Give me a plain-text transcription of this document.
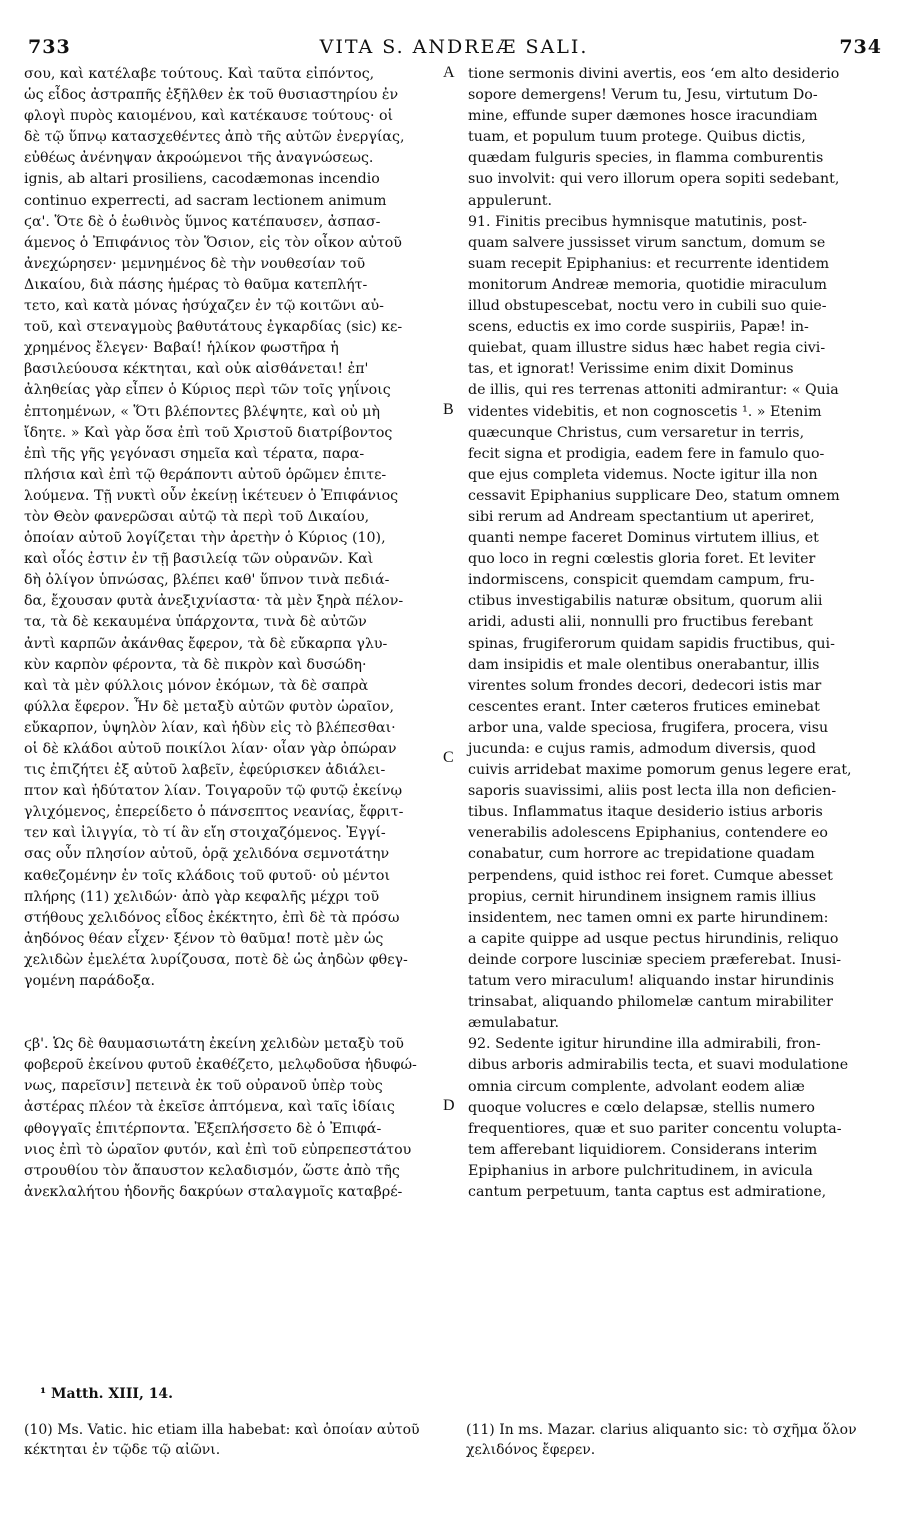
733	VITA S. ANDREÆ SALI.	734

σου, καὶ κατέλαβε τούτους. Καὶ ταῦτα εἰπόντος,

ὡς εἶδος ἀστραπῆς ἐξῆλθεν ἐκ τοῦ θυσιαστηρίου ἐν

φλογὶ πυρὸς καιομένου, καὶ κατέκαυσε τούτους· οἱ

δὲ τῷ ὕπνῳ κατασχεθέντες ἀπὸ τῆς αὐτῶν ἐνεργίας,

εὐθέως ἀνένηψαν ἀκροώμενοι τῆς ἀναγνώσεως.

ignis, ab altari prosiliens, cacodæmonas incendio

continuo experrecti, ad sacram lectionem animum

ϛα'. Ὅτε δὲ ὁ ἑωθινὸς ὕμνος κατέπαυσεν, ἀσπασ-

άμενος ὁ Ἐπιφάνιος τὸν Ὅσιον, εἰς τὸν οἶκον αὐτοῦ

ἀνεχώρησεν· μεμνημένος δὲ τὴν νουθεσίαν τοῦ

Δικαίου, διὰ πάσης ἡμέρας τὸ θαῦμα κατεπλήτ-

τετο, καὶ κατὰ μόνας ἡσύχαζεν ἐν τῷ κοιτῶνι αὐ-

τοῦ, καὶ στεναγμοὺς βαθυτάτους ἐγκαρδίας (sic) κε-

χρημένος ἔλεγεν· Βαβαί! ἡλίκον φωστῆρα ἡ

βασιλεύουσα κέκτηται, καὶ οὐκ αἰσθάνεται! ἐπ'

ἀληθείας γὰρ εἶπεν ὁ Κύριος περὶ τῶν τοῖς γηΐνοις

ἐπτοημένων, « Ὅτι βλέποντες βλέψητε, καὶ οὐ μὴ

ἴδητε. » Καὶ γὰρ ὅσα ἐπὶ τοῦ Χριστοῦ διατρίβοντος

ἐπὶ τῆς γῆς γεγόνασι σημεῖα καὶ τέρατα, παρα-

πλήσια καὶ ἐπὶ τῷ θεράποντι αὐτοῦ ὁρῶμεν ἐπιτε-

λούμενα. Τῇ νυκτὶ οὖν ἐκείνῃ ἱκέτευεν ὁ Ἐπιφάνιος

τὸν Θεὸν φανερῶσαι αὐτῷ τὰ περὶ τοῦ Δικαίου,

ὁποίαν αὐτοῦ λογίζεται τὴν ἀρετὴν ὁ Κύριος (10),

καὶ οἷός ἐστιν ἐν τῇ βασιλείᾳ τῶν οὐρανῶν. Καὶ

δὴ ὀλίγον ὑπνώσας, βλέπει καθ' ὕπνον τινὰ πεδιά-

δα, ἔχουσαν φυτὰ ἀνεξιχνίαστα· τὰ μὲν ξηρὰ πέλον-

τα, τὰ δὲ κεκαυμένα ὑπάρχοντα, τινὰ δὲ αὐτῶν

ἀντὶ καρπῶν ἀκάνθας ἔφερον, τὰ δὲ εὔκαρπα γλυ-

κὺν καρπὸν φέροντα, τὰ δὲ πικρὸν καὶ δυσώδη·

καὶ τὰ μὲν φύλλοις μόνον ἐκόμων, τὰ δὲ σαπρὰ

φύλλα ἔφερον. Ἦν δὲ μεταξὺ αὐτῶν φυτὸν ὡραῖον,

εὔκαρπον, ὑψηλὸν λίαν, καὶ ἡδὺν εἰς τὸ βλέπεσθαι·

οἱ δὲ κλάδοι αὐτοῦ ποικίλοι λίαν· οἷαν γὰρ ὀπώραν

τις ἐπιζήτει ἐξ αὐτοῦ λαβεῖν, ἐφεύρισκεν ἀδιάλει-

πτον καὶ ἡδύτατον λίαν. Τοιγαροῦν τῷ φυτῷ ἐκείνῳ

γλιχόμενος, ἐπερείδετο ὁ πάνσεπτος νεανίας, ἔφριτ-

τεν καὶ ἰλιγγία, τὸ τί ἂν εἴη στοιχαζόμενος. Ἐγγί-

σας οὖν πλησίον αὐτοῦ, ὁρᾷ χελιδόνα σεμνοτάτην

καθεζομένην ἐν τοῖς κλάδοις τοῦ φυτοῦ· οὐ μέντοι

πλήρης (11) χελιδών· ἀπὸ γὰρ κεφαλῆς μέχρι τοῦ

στήθους χελιδόνος εἶδος ἐκέκτητο, ἐπὶ δὲ τὰ πρόσω

ἀηδόνος θέαν εἶχεν· ξένον τὸ θαῦμα! ποτὲ μὲν ὡς

χελιδὼν ἐμελέτα λυρίζουσα, ποτὲ δὲ ὡς ἀηδὼν φθεγ-

γομένη παράδοξα.

ϛβ'. Ὡς δὲ θαυμασιωτάτη ἐκείνη χελιδὼν μεταξὺ τοῦ

φοβεροῦ ἐκείνου φυτοῦ ἐκαθέζετο, μελῳδοῦσα ἡδυφώ-

νως, παρεῖσιν] πετεινὰ ἐκ τοῦ οὐρανοῦ ὑπὲρ τοὺς

ἀστέρας πλέον τὰ ἐκεῖσε ἀπτόμενα, καὶ ταῖς ἰδίαις

φθογγαῖς ἐπιτέρποντα. Ἐξεπλήσσετο δὲ ὁ Ἐπιφά-

νιος ἐπὶ τὸ ὡραῖον φυτόν, καὶ ἐπὶ τοῦ εὐπρεπεστάτου

στρουθίου τὸν ἄπαυστον κελαδισμόν, ὥστε ἀπὸ τῆς

ἀνεκλαλήτου ἡδονῆς δακρύων σταλαγμοῖς καταβρέ-

A
B
C
D

tione sermonis divini avertis, eos ‘em alto desiderio

sopore demergens! Verum tu, Jesu, virtutum Do-

mine, effunde super dæmones hosce iracundiam

tuam, et populum tuum protege. Quibus dictis,

quædam fulguris species, in flamma comburentis

suo involvit: qui vero illorum opera sopiti sedebant,

appulerunt.

91. Finitis precibus hymnisque matutinis, post-

quam salvere jussisset virum sanctum, domum se

suam recepit Epiphanius: et recurrente identidem

monitorum Andreæ memoria, quotidie miraculum

illud obstupescebat, noctu vero in cubili suo quie-

scens, eductis ex imo corde suspiriis, Papæ! in-

quiebat, quam illustre sidus hæc habet regia civi-

tas, et ignorat! Verissime enim dixit Dominus

de illis, qui res terrenas attoniti admirantur: « Quia

videntes videbitis, et non cognoscetis ¹. » Etenim

quæcunque Christus, cum versaretur in terris,

fecit signa et prodigia, eadem fere in famulo quo-

que ejus completa videmus. Nocte igitur illa non

cessavit Epiphanius supplicare Deo, statum omnem

sibi rerum ad Andream spectantium ut aperiret,

quanti nempe faceret Dominus virtutem illius, et

quo loco in regni cœlestis gloria foret. Et leviter

indormiscens, conspicit quemdam campum, fru-

ctibus investigabilis naturæ obsitum, quorum alii

aridi, adusti alii, nonnulli pro fructibus ferebant

spinas, frugiferorum quidam sapidis fructibus, qui-

dam insipidis et male olentibus onerabantur, illis

virentes solum frondes decori, dedecori istis mar

cescentes erant. Inter cæteros frutices eminebat

arbor una, valde speciosa, frugifera, procera, visu

jucunda: e cujus ramis, admodum diversis, quod

cuivis arridebat maxime pomorum genus legere erat,

saporis suavissimi, aliis post lecta illa non deficien-

tibus. Inflammatus itaque desiderio istius arboris

venerabilis adolescens Epiphanius, contendere eo

conabatur, cum horrore ac trepidatione quadam

perpendens, quid isthoc rei foret. Cumque abesset

propius, cernit hirundinem insignem ramis illius

insidentem, nec tamen omni ex parte hirundinem:

a capite quippe ad usque pectus hirundinis, reliquo

deinde corpore lusciniæ speciem præferebat. Inusi-

tatum vero miraculum! aliquando instar hirundinis

trinsabat, aliquando philomelæ cantum mirabiliter

æmulabatur.

92. Sedente igitur hirundine illa admirabili, fron-

dibus arboris admirabilis tecta, et suavi modulatione

omnia circum complente, advolant eodem aliæ

quoque volucres e cœlo delapsæ, stellis numero

frequentiores, quæ et suo pariter concentu volupta-

tem afferebant liquidiorem. Considerans interim

Epiphanius in arbore pulchritudinem, in avicula

cantum perpetuum, tanta captus est admiratione,

¹ Matth. XIII, 14.
(10) Ms. Vatic. hic etiam illa habebat: καὶ ὁποίαν αὐτοῦ κέκτηται ἐν τῷδε τῷ αἰῶνι.
(11) In ms. Mazar. clarius aliquanto sic: τὸ σχῆμα ὅλον χελιδόνος ἔφερεν.
